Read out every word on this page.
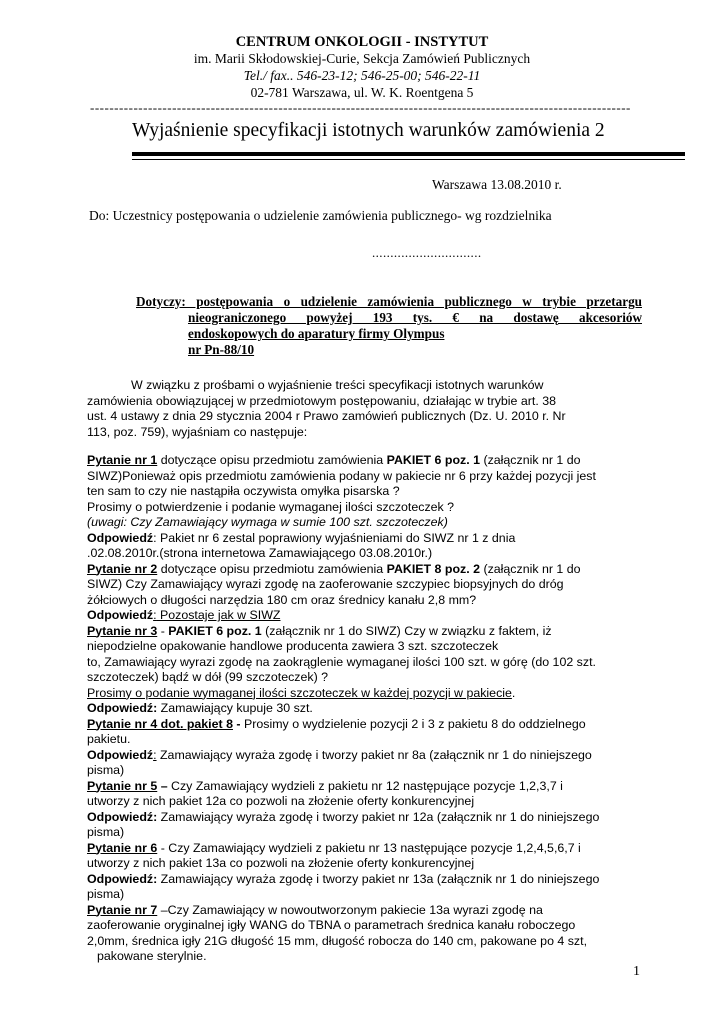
CENTRUM ONKOLOGII - INSTYTUT
im. Marii Skłodowskiej-Curie, Sekcja Zamówień Publicznych
Tel./ fax.. 546-23-12; 546-25-00; 546-22-11
02-781 Warszawa, ul. W. K. Roentgena 5
----------------------------------------------------------------------------------------------------------------
Wyjaśnienie specyfikacji istotnych warunków zamówienia 2
Warszawa 13.08.2010 r.
Do: Uczestnicy postępowania o udzielenie zamówienia publicznego- wg rozdzielnika
..............................
Dotyczy: postępowania o udzielenie zamówienia publicznego w trybie przetargu
nieograniczonego powyżej 193 tys. € na dostawę akcesoriów
endoskopowych do aparatury firmy Olympus
nr Pn-88/10
W związku z prośbami o wyjaśnienie treści specyfikacji istotnych warunków
zamówienia obowiązującej w przedmiotowym postępowaniu, działając w trybie art. 38
ust. 4 ustawy z dnia 29 stycznia 2004 r Prawo zamówień publicznych (Dz. U. 2010 r. Nr
113, poz. 759), wyjaśniam co następuje:
Pytanie nr 1 dotyczące opisu przedmiotu zamówienia PAKIET 6 poz. 1 (załącznik nr 1 do
SIWZ)Ponieważ opis przedmiotu zamówienia podany w pakiecie nr 6 przy każdej pozycji jest
ten sam to czy nie nastąpiła oczywista omyłka pisarska ?
Prosimy o potwierdzenie i podanie wymaganej ilości szczoteczek ?
(uwagi: Czy Zamawiający wymaga w sumie 100 szt. szczoteczek)
Odpowiedź: Pakiet nr 6 zestal poprawiony wyjaśnieniami do SIWZ nr 1 z dnia
.02.08.2010r.(strona internetowa Zamawiającego 03.08.2010r.)
Pytanie nr 2 dotyczące opisu przedmiotu zamówienia PAKIET 8 poz. 2 (załącznik nr 1 do
SIWZ) Czy Zamawiający wyrazi zgodę na zaoferowanie szczypiec biopsyjnych do dróg
żółciowych o długości narzędzia 180 cm oraz średnicy kanału 2,8 mm?
Odpowiedź: Pozostaje jak w SIWZ
Pytanie nr 3 - PAKIET 6 poz. 1 (załącznik nr 1 do SIWZ) Czy w związku z faktem, iż
niepodzielne opakowanie handlowe producenta zawiera 3 szt. szczoteczek
to, Zamawiający wyrazi zgodę na zaokrąglenie wymaganej ilości 100 szt. w górę (do 102 szt.
szczoteczek) bądź w dół (99 szczoteczek) ?
Prosimy o podanie wymaganej ilości szczoteczek w każdej pozycji w pakiecie.
Odpowiedź: Zamawiający kupuje 30 szt.
Pytanie nr 4 dot. pakiet 8 - Prosimy o wydzielenie pozycji 2 i 3 z pakietu 8 do oddzielnego
pakietu.
Odpowiedź: Zamawiający wyraża zgodę i tworzy pakiet nr 8a (załącznik nr 1 do niniejszego
pisma)
Pytanie nr 5 – Czy Zamawiający wydzieli z pakietu nr 12 następujące pozycje 1,2,3,7 i
utworzy z nich pakiet 12a co pozwoli na złożenie oferty konkurencyjnej
Odpowiedź: Zamawiający wyraża zgodę i tworzy pakiet nr 12a (załącznik nr 1 do niniejszego
pisma)
Pytanie nr 6 - Czy Zamawiający wydzieli z pakietu nr 13 następujące pozycje 1,2,4,5,6,7 i
utworzy z nich pakiet 13a co pozwoli na złożenie oferty konkurencyjnej
Odpowiedź: Zamawiający wyraża zgodę i tworzy pakiet nr 13a (załącznik nr 1 do niniejszego
pisma)
Pytanie nr 7 –Czy Zamawiający w nowoutworzonym pakiecie 13a wyrazi zgodę na
zaoferowanie oryginalnej igły WANG do TBNA o parametrach średnica kanału roboczego
2,0mm, średnica igły 21G długość 15 mm, długość robocza do 140 cm, pakowane po 4 szt,
pakowane sterylnie.
1
